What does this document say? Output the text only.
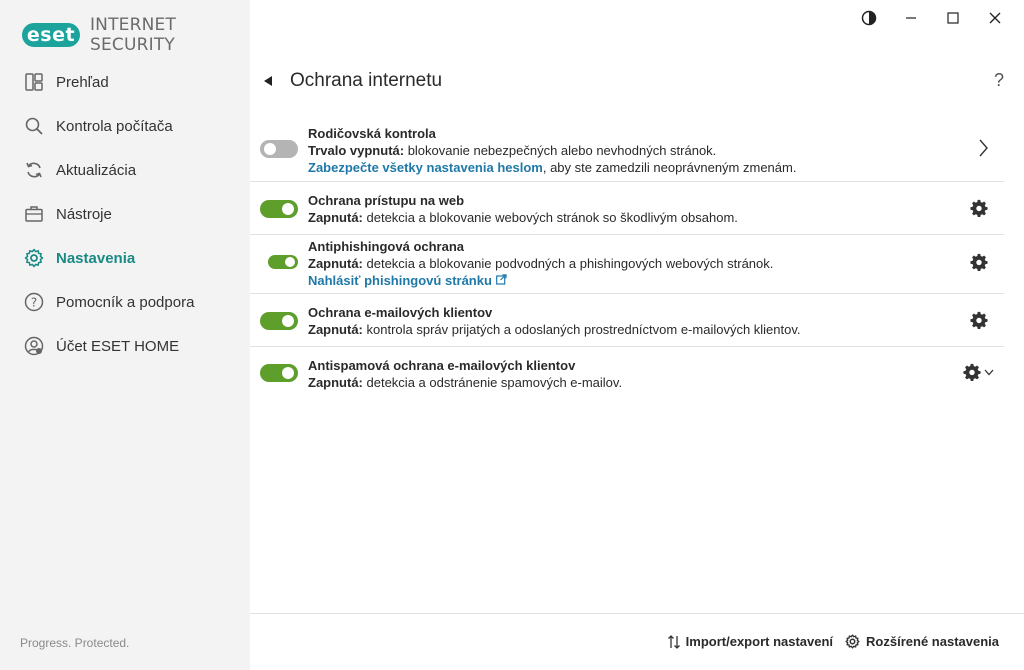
eset INTERNET SECURITY
Prehľad
Kontrola počítača
Aktualizácia
Nástroje
Nastavenia
? Pomocník a podpora
Účet ESET HOME
Progress. Protected.
Ochrana internetu	?
Rodičovská kontrola
Trvalo vypnutá: blokovanie nebezpečných alebo nevhodných stránok.
Zabezpečte všetky nastavenia heslom, aby ste zamedzili neoprávneným zmenám.
Ochrana prístupu na web
Zapnutá: detekcia a blokovanie webových stránok so škodlivým obsahom.
Antiphishingová ochrana
Zapnutá: detekcia a blokovanie podvodných a phishingových webových stránok.
Nahlásiť phishingovú stránku
Ochrana e-mailových klientov
Zapnutá: kontrola správ prijatých a odoslaných prostredníctvom e-mailových klientov.
Antispamová ochrana e-mailových klientov
Zapnutá: detekcia a odstránenie spamových e-mailov.
Import/export nastavení	Rozšírené nastavenia
